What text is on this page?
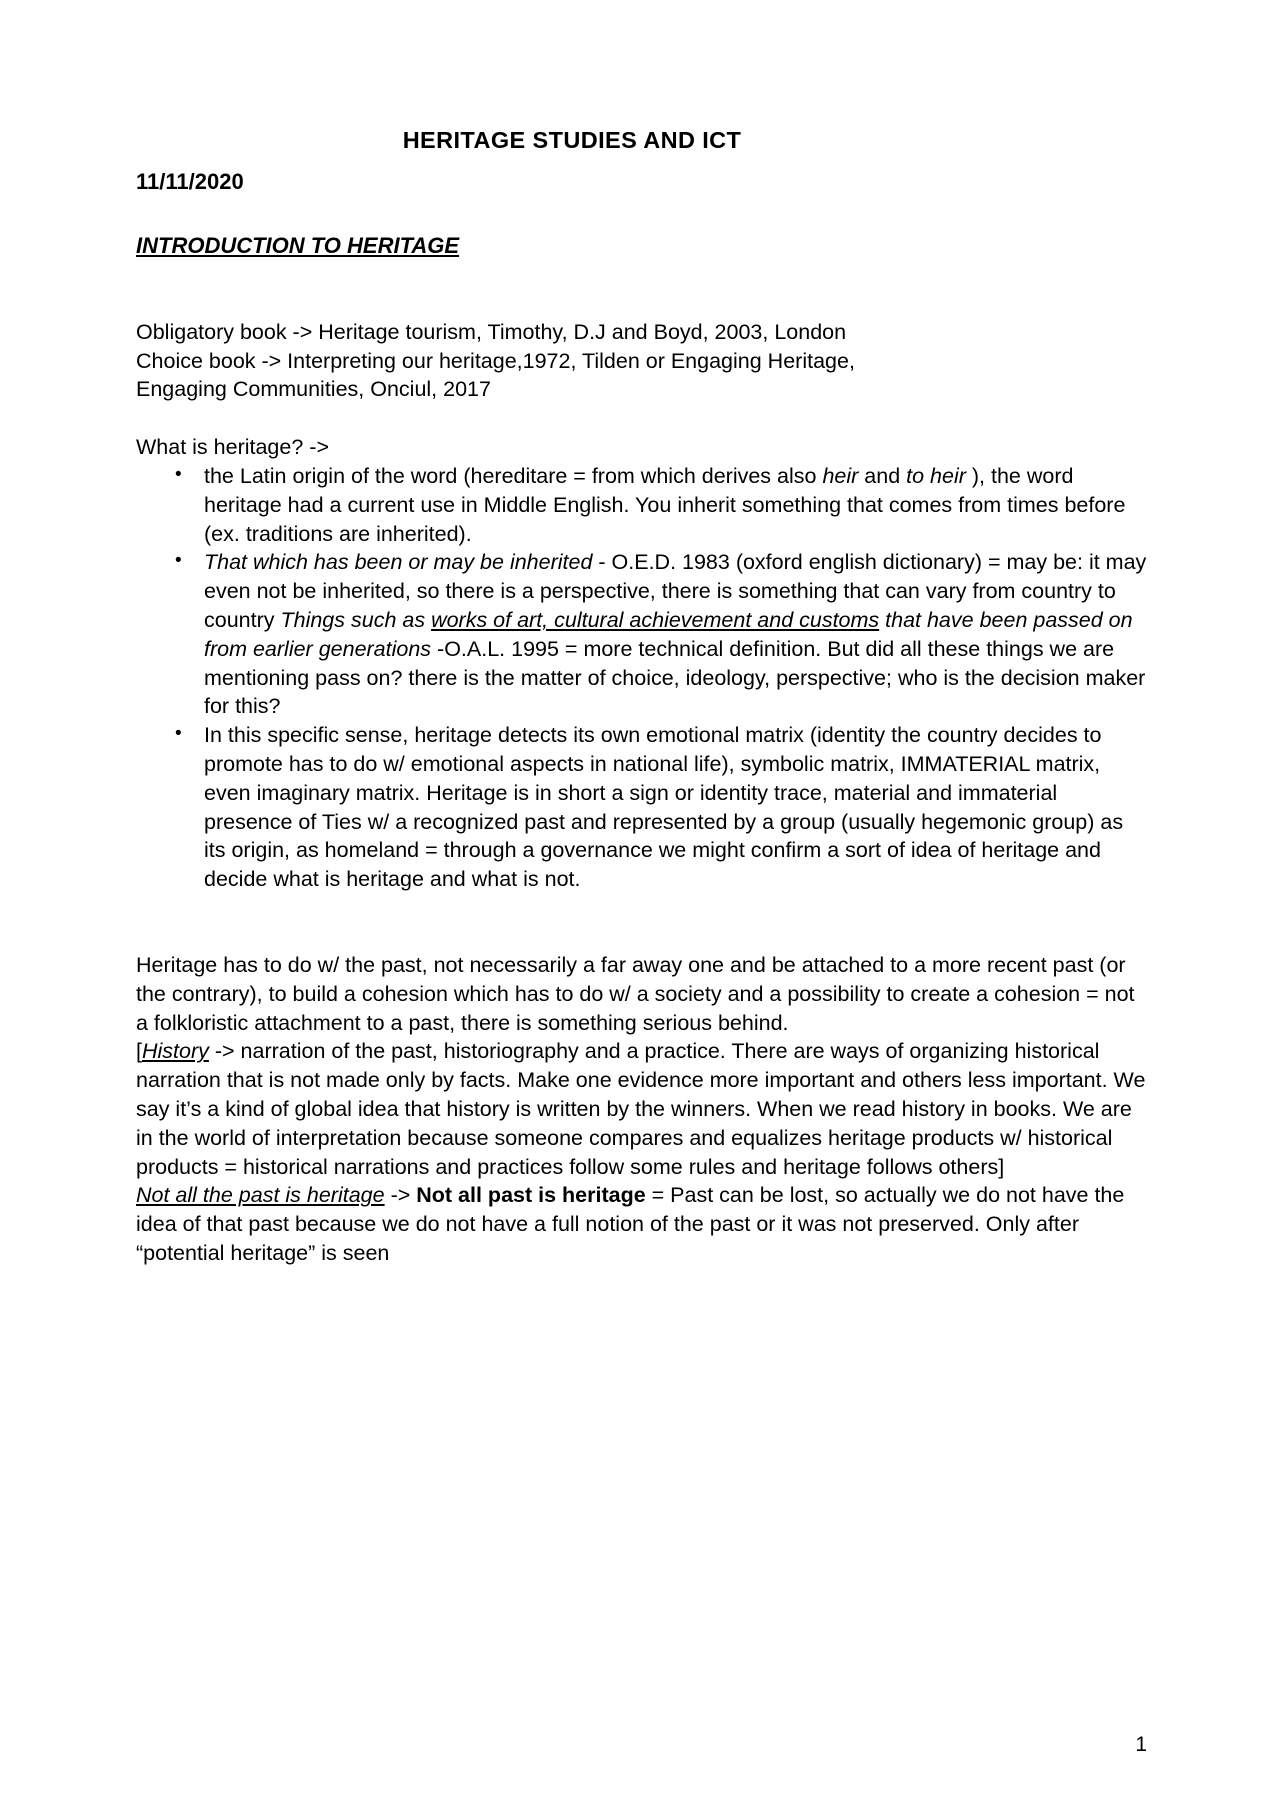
HERITAGE STUDIES AND ICT
11/11/2020
INTRODUCTION TO HERITAGE

Obligatory book -> Heritage tourism, Timothy, D.J and Boyd, 2003, London
Choice book -> Interpreting our heritage,1972, Tilden or Engaging Heritage,
Engaging Communities, Onciul, 2017

What is heritage? ->

• the Latin origin of the word (hereditare = from which derives also heir and to heir ), the word heritage had a current use in Middle English. You inherit something that comes from times before (ex. traditions are inherited).
• That which has been or may be inherited - O.E.D. 1983 (oxford english dictionary) = may be: it may even not be inherited, so there is a perspective, there is something that can vary from country to country Things such as works of art, cultural achievement and customs that have been passed on from earlier generations -O.A.L. 1995 = more technical definition. But did all these things we are mentioning pass on? there is the matter of choice, ideology, perspective; who is the decision maker for this?
• In this specific sense, heritage detects its own emotional matrix (identity the country decides to promote has to do w/ emotional aspects in national life), symbolic matrix, IMMATERIAL matrix, even imaginary matrix. Heritage is in short a sign or identity trace, material and immaterial presence of Ties w/ a recognized past and represented by a group (usually hegemonic group) as its origin, as homeland = through a governance we might confirm a sort of idea of heritage and decide what is heritage and what is not.

Heritage has to do w/ the past, not necessarily a far away one and be attached to a more recent past (or the contrary), to build a cohesion which has to do w/ a society and a possibility to create a cohesion = not a folkloristic attachment to a past, there is something serious behind.

[History -> narration of the past, historiography and a practice. There are ways of organizing historical narration that is not made only by facts. Make one evidence more important and others less important. We say it’s a kind of global idea that history is written by the winners. When we read history in books. We are in the world of interpretation because someone compares and equalizes heritage products w/ historical products = historical narrations and practices follow some rules and heritage follows others]

Not all the past is heritage -> Not all past is heritage = Past can be lost, so actually we do not have the idea of that past because we do not have a full notion of the past or it was not preserved. Only after “potential heritage” is seen

1
